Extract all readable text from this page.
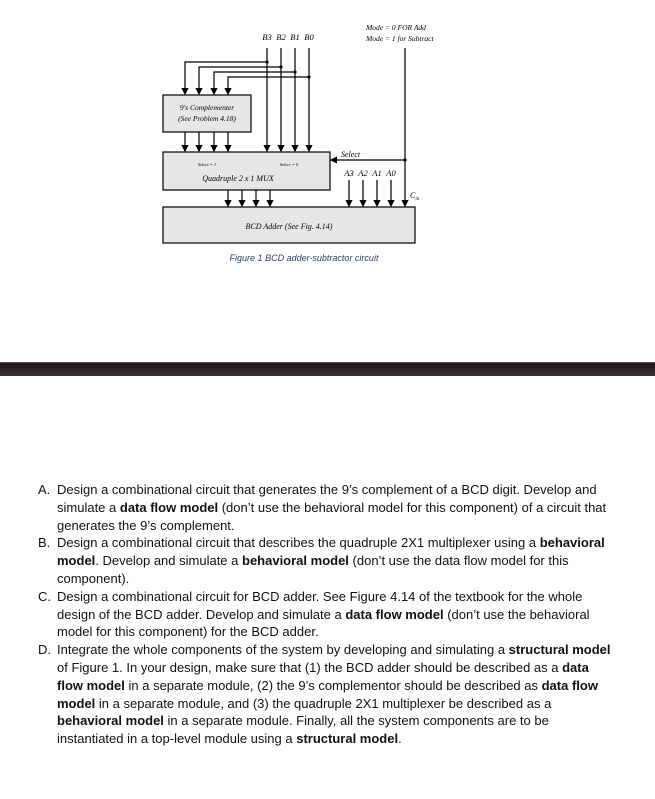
B3 B2 B1 B0
A3 A2 A1 A0
Mode = 0 FOR Add
Mode = 1 for Subtract
9's Complementer
(See Problem 4.18)
Select = 1	Select = 0
Quadruple 2 x 1 MUX
Select
$C_{in}$
BCD Adder (See Fig. 4.14)
Figure 1 BCD adder-subtractor circuit
A. Design a combinational circuit that generates the 9’s complement of a BCD digit. Develop and simulate a data flow model (don’t use the behavioral model for this component) of a circuit that generates the 9’s complement.
B. Design a combinational circuit that describes the quadruple 2X1 multiplexer using a behavioral model. Develop and simulate a behavioral model (don’t use the data flow model for this component).
C. Design a combinational circuit for BCD adder. See Figure 4.14 of the textbook for the whole design of the BCD adder. Develop and simulate a data flow model (don’t use the behavioral model for this component) for the BCD adder.
D. Integrate the whole components of the system by developing and simulating a structural model of Figure 1. In your design, make sure that (1) the BCD adder should be described as a data flow model in a separate module, (2) the 9’s complementor should be described as data flow model in a separate module, and (3) the quadruple 2X1 multiplexer be described as a behavioral model in a separate module. Finally, all the system components are to be instantiated in a top-level module using a structural model.
